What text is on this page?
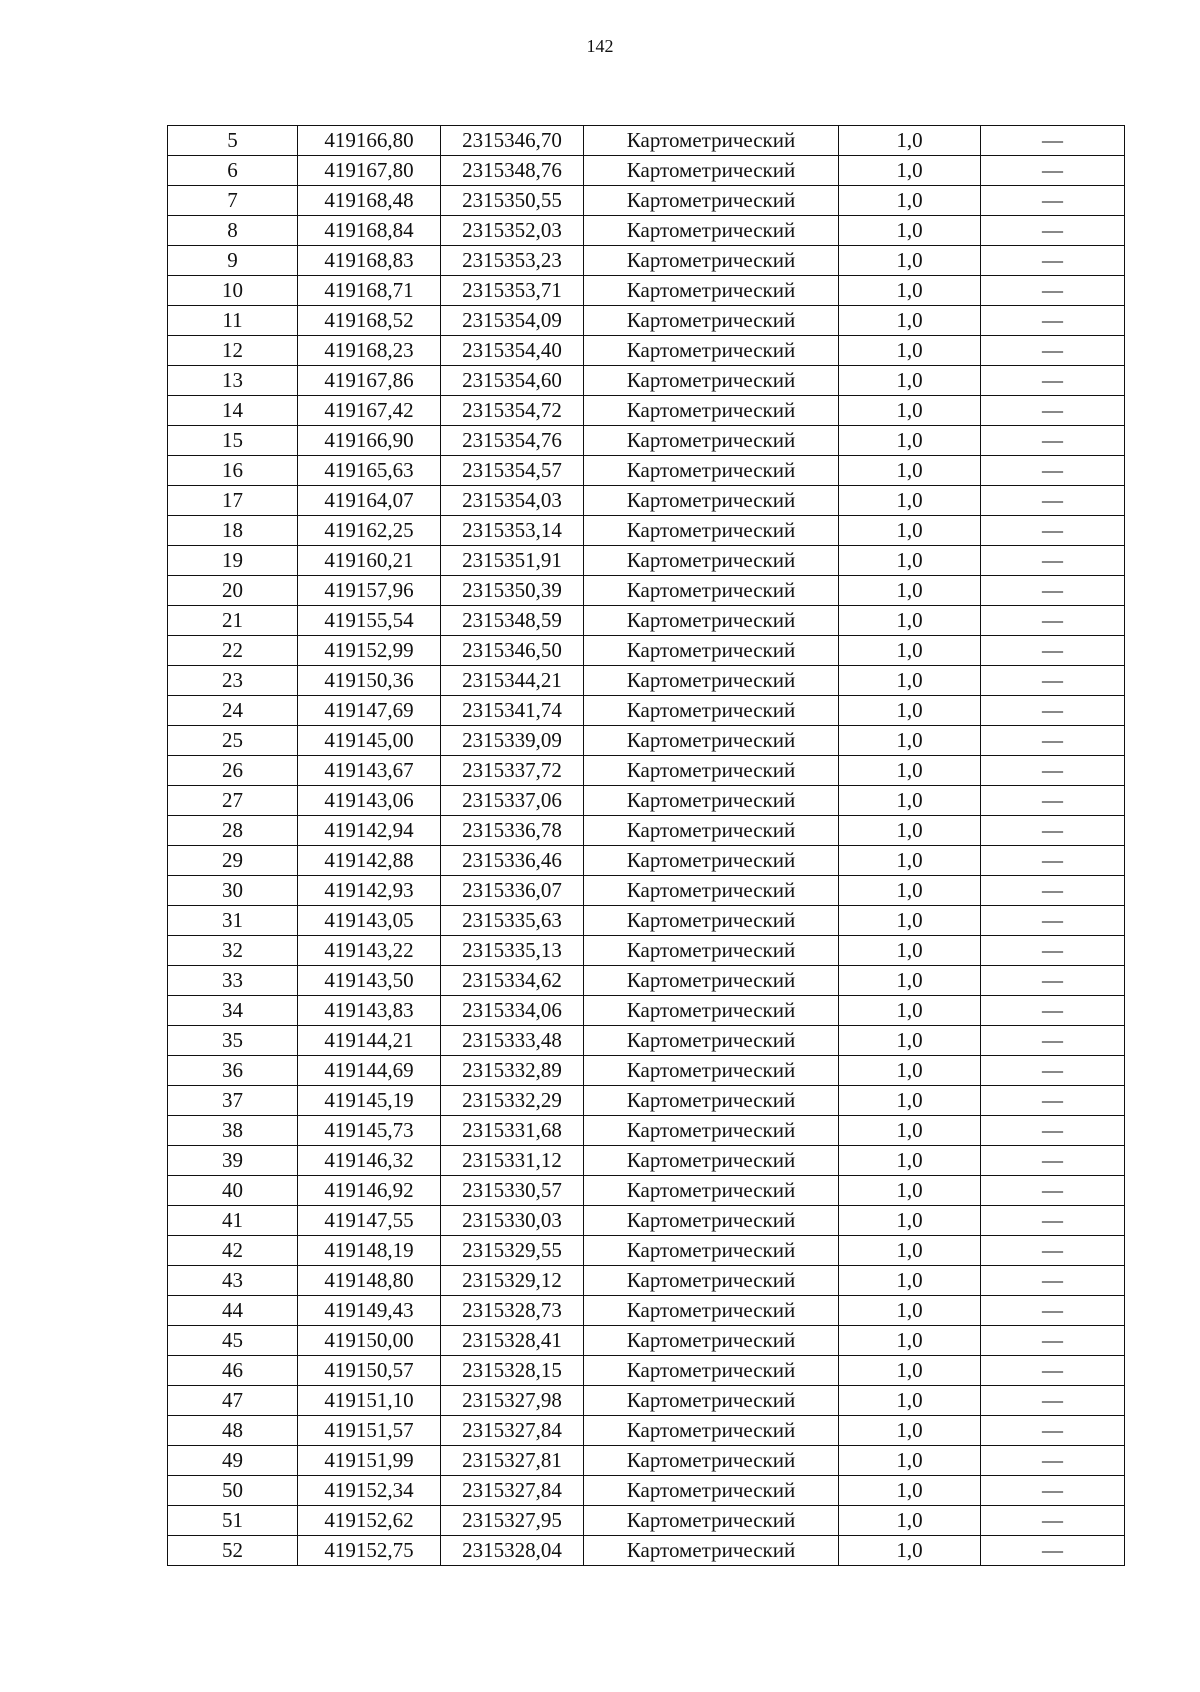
142
5	419166,80	2315346,70	Картометрический	1,0	—
6	419167,80	2315348,76	Картометрический	1,0	—
7	419168,48	2315350,55	Картометрический	1,0	—
8	419168,84	2315352,03	Картометрический	1,0	—
9	419168,83	2315353,23	Картометрический	1,0	—
10	419168,71	2315353,71	Картометрический	1,0	—
11	419168,52	2315354,09	Картометрический	1,0	—
12	419168,23	2315354,40	Картометрический	1,0	—
13	419167,86	2315354,60	Картометрический	1,0	—
14	419167,42	2315354,72	Картометрический	1,0	—
15	419166,90	2315354,76	Картометрический	1,0	—
16	419165,63	2315354,57	Картометрический	1,0	—
17	419164,07	2315354,03	Картометрический	1,0	—
18	419162,25	2315353,14	Картометрический	1,0	—
19	419160,21	2315351,91	Картометрический	1,0	—
20	419157,96	2315350,39	Картометрический	1,0	—
21	419155,54	2315348,59	Картометрический	1,0	—
22	419152,99	2315346,50	Картометрический	1,0	—
23	419150,36	2315344,21	Картометрический	1,0	—
24	419147,69	2315341,74	Картометрический	1,0	—
25	419145,00	2315339,09	Картометрический	1,0	—
26	419143,67	2315337,72	Картометрический	1,0	—
27	419143,06	2315337,06	Картометрический	1,0	—
28	419142,94	2315336,78	Картометрический	1,0	—
29	419142,88	2315336,46	Картометрический	1,0	—
30	419142,93	2315336,07	Картометрический	1,0	—
31	419143,05	2315335,63	Картометрический	1,0	—
32	419143,22	2315335,13	Картометрический	1,0	—
33	419143,50	2315334,62	Картометрический	1,0	—
34	419143,83	2315334,06	Картометрический	1,0	—
35	419144,21	2315333,48	Картометрический	1,0	—
36	419144,69	2315332,89	Картометрический	1,0	—
37	419145,19	2315332,29	Картометрический	1,0	—
38	419145,73	2315331,68	Картометрический	1,0	—
39	419146,32	2315331,12	Картометрический	1,0	—
40	419146,92	2315330,57	Картометрический	1,0	—
41	419147,55	2315330,03	Картометрический	1,0	—
42	419148,19	2315329,55	Картометрический	1,0	—
43	419148,80	2315329,12	Картометрический	1,0	—
44	419149,43	2315328,73	Картометрический	1,0	—
45	419150,00	2315328,41	Картометрический	1,0	—
46	419150,57	2315328,15	Картометрический	1,0	—
47	419151,10	2315327,98	Картометрический	1,0	—
48	419151,57	2315327,84	Картометрический	1,0	—
49	419151,99	2315327,81	Картометрический	1,0	—
50	419152,34	2315327,84	Картометрический	1,0	—
51	419152,62	2315327,95	Картометрический	1,0	—
52	419152,75	2315328,04	Картометрический	1,0	—
